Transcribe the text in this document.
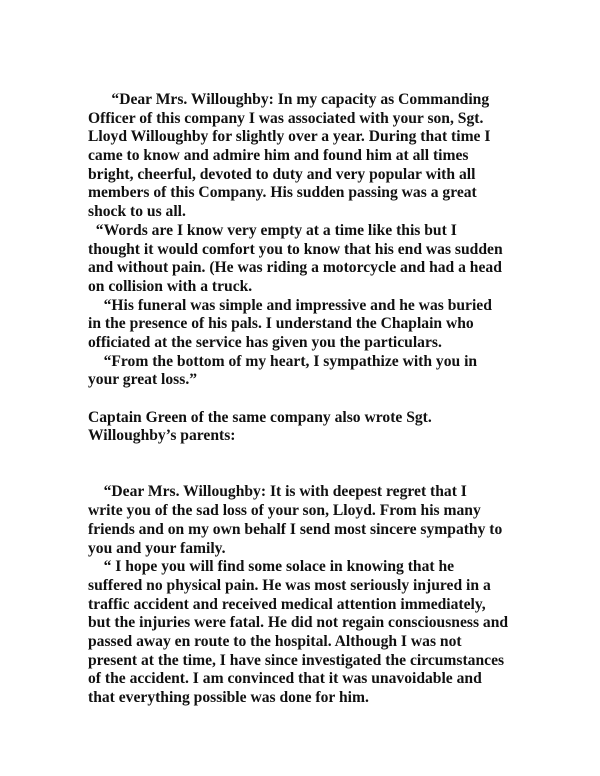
“Dear Mrs. Willoughby: In my capacity as Commanding
Officer of this company I was associated with your son, Sgt.
Lloyd Willoughby for slightly over a year. During that time I
came to know and admire him and found him at all times
bright, cheerful, devoted to duty and very popular with all
members of this Company. His sudden passing was a great
shock to us all.
“Words are I know very empty at a time like this but I
thought it would comfort you to know that his end was sudden
and without pain. (He was riding a motorcycle and had a head
on collision with a truck.
“His funeral was simple and impressive and he was buried
in the presence of his pals. I understand the Chaplain who
officiated at the service has given you the particulars.
“From the bottom of my heart, I sympathize with you in
your great loss.”
Captain Green of the same company also wrote Sgt.
Willoughby’s parents:
“Dear Mrs. Willoughby: It is with deepest regret that I
write you of the sad loss of your son, Lloyd. From his many
friends and on my own behalf I send most sincere sympathy to
you and your family.
“ I hope you will find some solace in knowing that he
suffered no physical pain. He was most seriously injured in a
traffic accident and received medical attention immediately,
but the injuries were fatal. He did not regain consciousness and
passed away en route to the hospital. Although I was not
present at the time, I have since investigated the circumstances
of the accident. I am convinced that it was unavoidable and
that everything possible was done for him.
